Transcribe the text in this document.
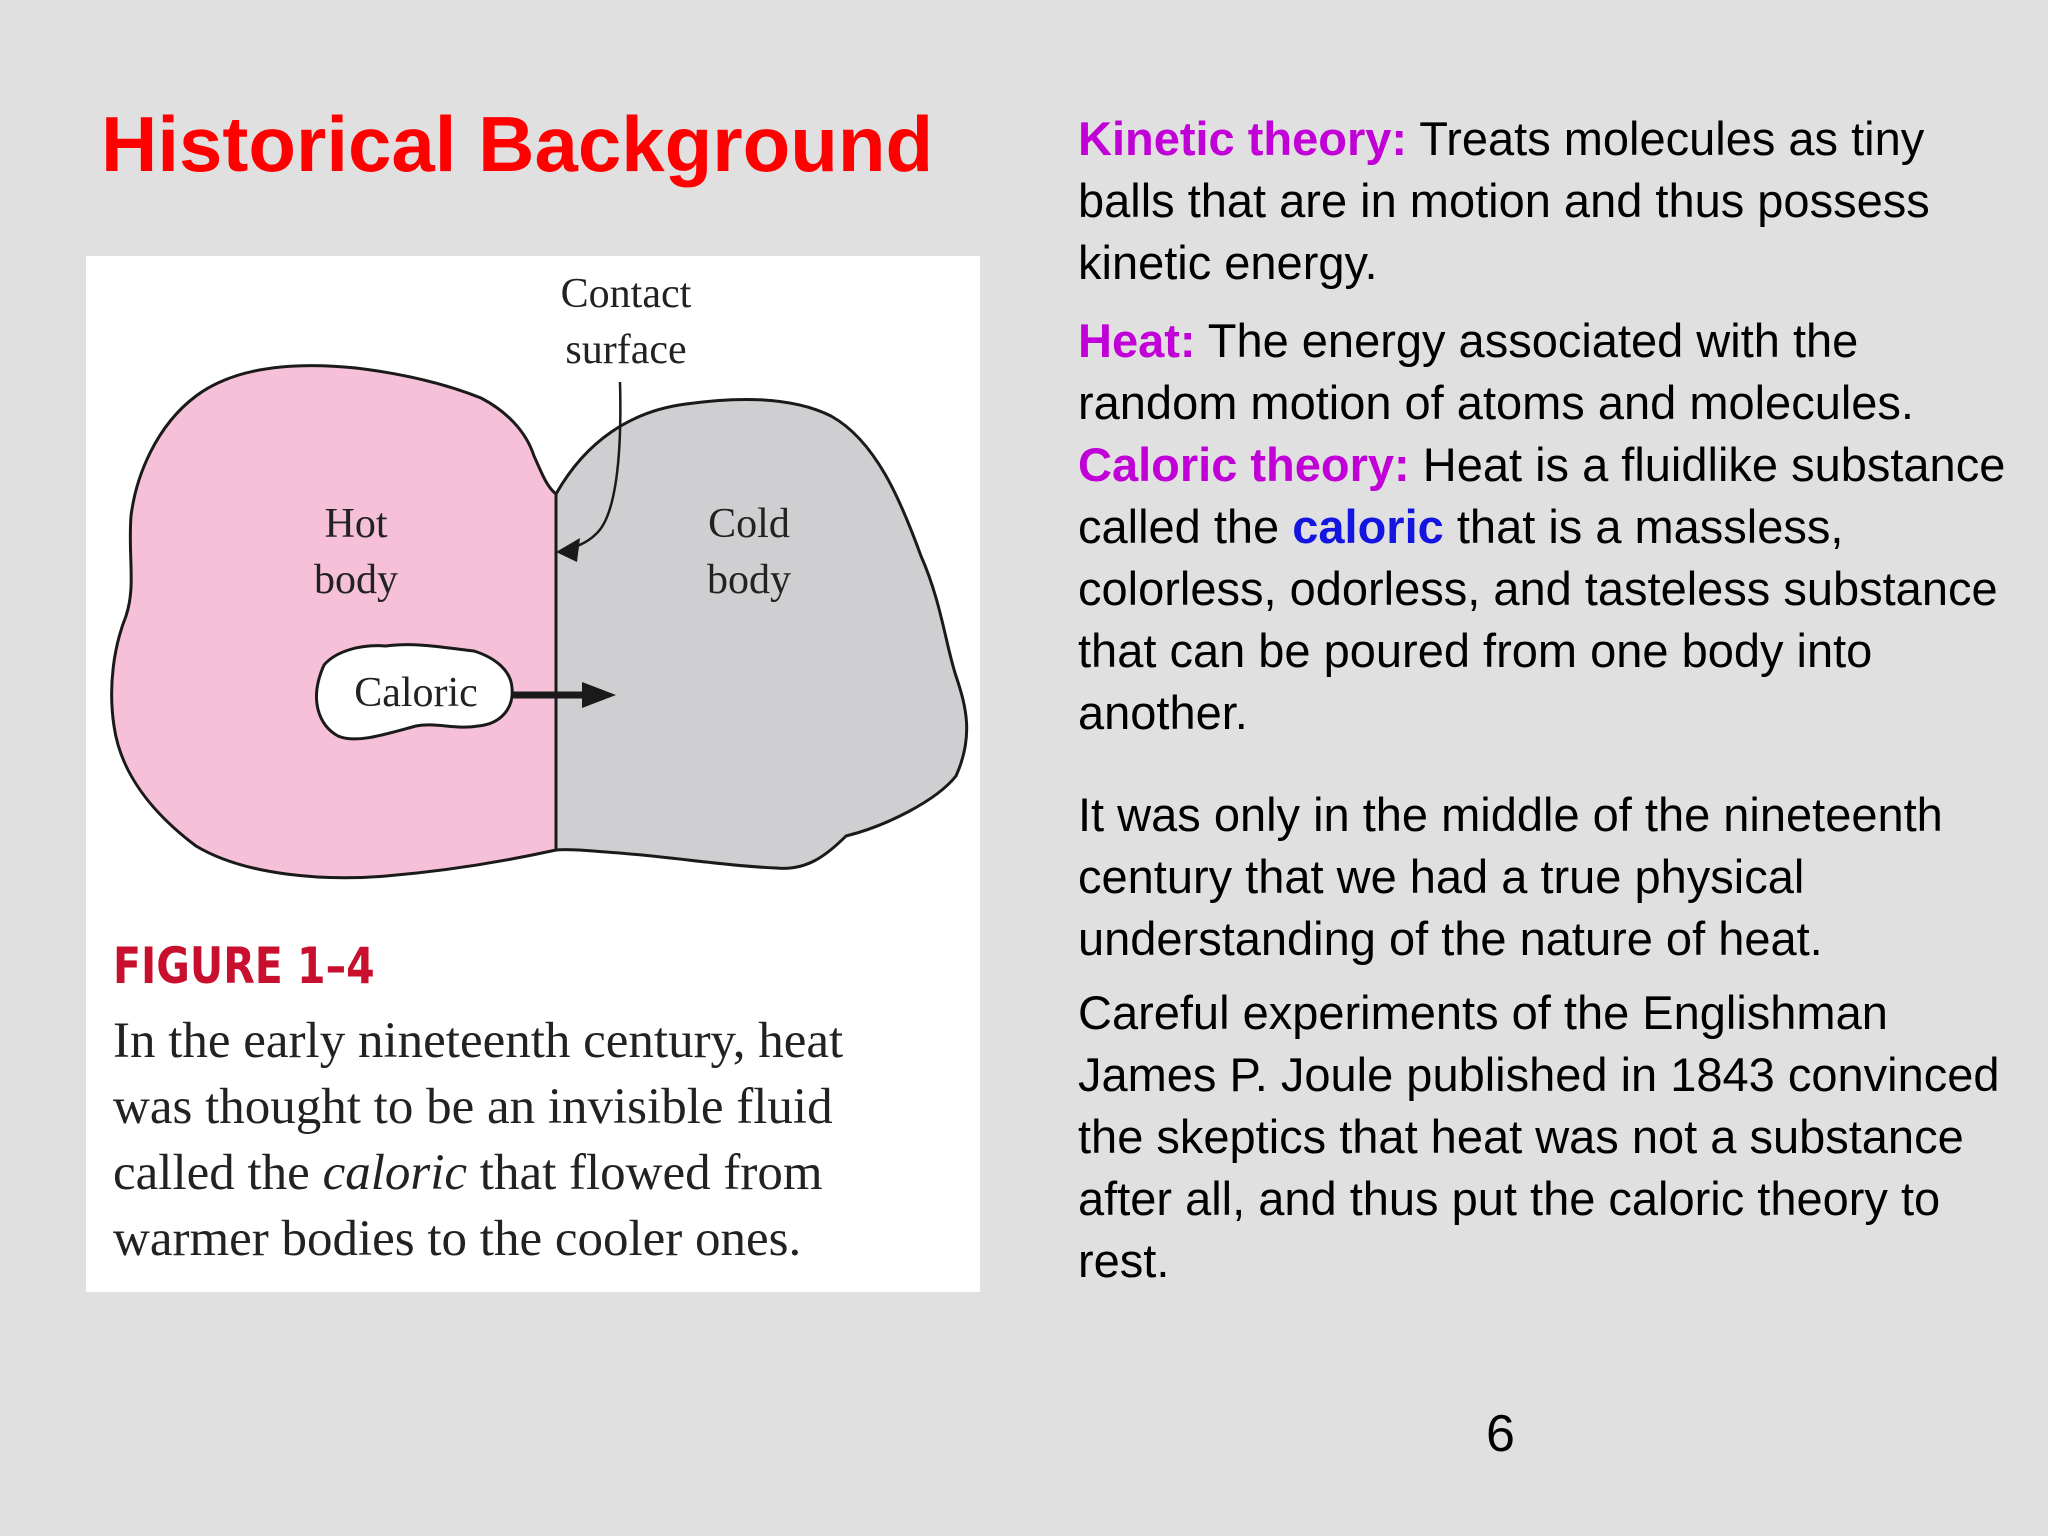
Historical Background
Contact
surface
Hot
body
Cold
body
Caloric
FIGURE 1–4
In the early nineteenth century, heat
was thought to be an invisible fluid
called the caloric that flowed from
warmer bodies to the cooler ones.

Kinetic theory: Treats molecules as tiny balls that are in motion and thus possess kinetic energy.

Heat: The energy associated with the random motion of atoms and molecules.

Caloric theory: Heat is a fluidlike substance called the caloric that is a massless, colorless, odorless, and tasteless substance that can be poured from one body into another.

It was only in the middle of the nineteenth century that we had a true physical understanding of the nature of heat.

Careful experiments of the Englishman James P. Joule published in 1843 convinced the skeptics that heat was not a substance after all, and thus put the caloric theory to rest.

6
